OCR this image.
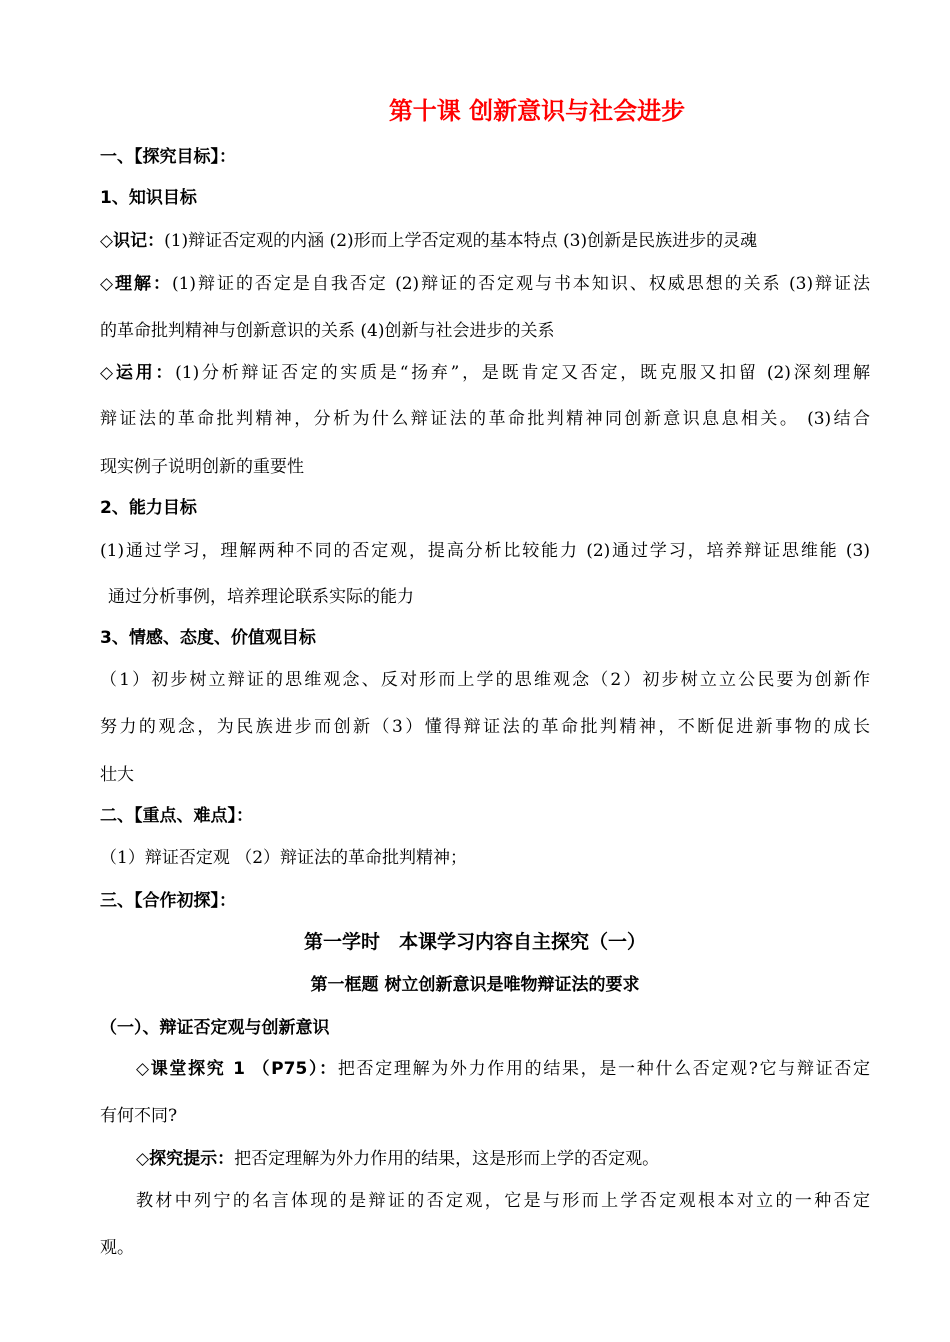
第十课 创新意识与社会进步
一、【探究目标】：
1、知识目标
◇识记：(1)辩证否定观的内涵 (2)形而上学否定观的基本特点 (3)创新是民族进步的灵魂
◇理解：(1)辩证的否定是自我否定 (2)辩证的否定观与书本知识、权威思想的关系 (3)辩证法
的革命批判精神与创新意识的关系 (4)创新与社会进步的关系
◇运用：(1)分析辩证否定的实质是“扬弃”，是既肯定又否定，既克服又扣留 (2)深刻理解
辩证法的革命批判精神，分析为什么辩证法的革命批判精神同创新意识息息相关。 (3)结合
现实例子说明创新的重要性
2、能力目标
(1)通过学习，理解两种不同的否定观，提高分析比较能力 (2)通过学习，培养辩证思维能 (3)
通过分析事例，培养理论联系实际的能力
3、情感、态度、价值观目标
（1）初步树立辩证的思维观念、反对形而上学的思维观念（2）初步树立立公民要为创新作
努力的观念，为民族进步而创新（3）懂得辩证法的革命批判精神，不断促进新事物的成长
壮大
二、【重点、难点】：
（1）辩证否定观 （2）辩证法的革命批判精神；
三、【合作初探】：
第一学时　本课学习内容自主探究（一）
第一框题 树立创新意识是唯物辩证法的要求
（一）、辩证否定观与创新意识
◇课堂探究 1 （P75）：把否定理解为外力作用的结果，是一种什么否定观?它与辩证否定
有何不同?
◇探究提示：把否定理解为外力作用的结果，这是形而上学的否定观。
教材中列宁的名言体现的是辩证的否定观，它是与形而上学否定观根本对立的一种否定
观。
